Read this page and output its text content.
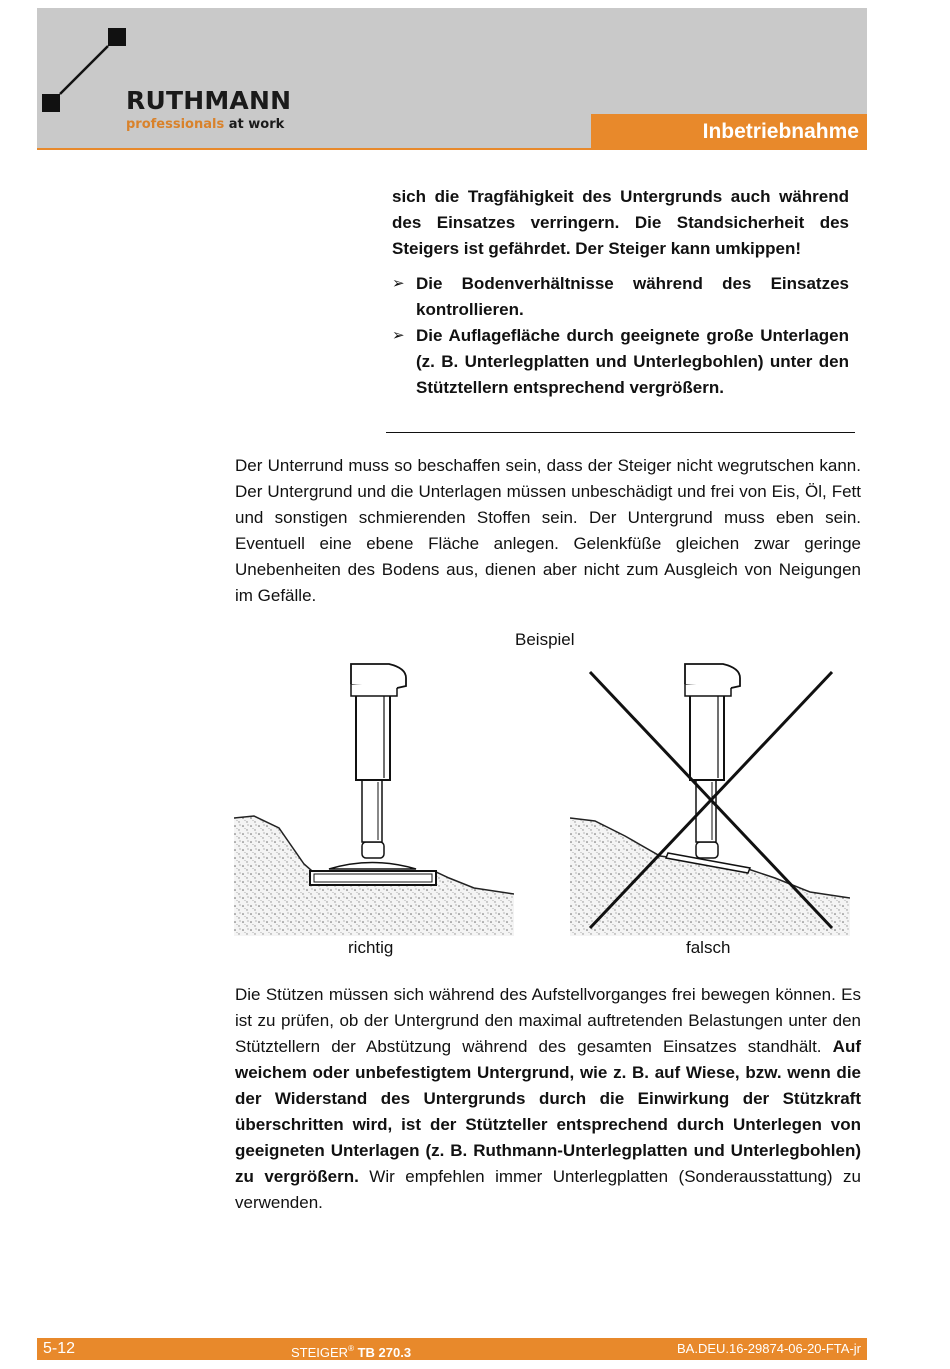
RUTHMANN
professionals at work	Inbetriebnahme

sich die Tragfähigkeit des Untergrunds auch während des Einsatzes verringern. Die Standsicherheit des Steigers ist gefährdet. Der Steiger kann umkippen!

➢ Die Bodenverhältnisse während des Einsatzes kontrollieren.
➢ Die Auflagefläche durch geeignete große Unterlagen (z. B. Unterlegplatten und Unterlegbohlen) unter den Stütztellern entsprechend vergrößern.

Der Unterrund muss so beschaffen sein, dass der Steiger nicht wegrutschen kann. Der Untergrund und die Unterlagen müssen unbeschädigt und frei von Eis, Öl, Fett und sonstigen schmierenden Stoffen sein. Der Untergrund muss eben sein. Eventuell eine ebene Fläche anlegen. Gelenkfüße gleichen zwar geringe Unebenheiten des Bodens aus, dienen aber nicht zum Ausgleich von Neigungen im Gefälle.

Beispiel
richtig	falsch

Die Stützen müssen sich während des Aufstellvorganges frei bewegen können. Es ist zu prüfen, ob der Untergrund den maximal auftretenden Belastungen unter den Stütztellern der Abstützung während des gesamten Einsatzes standhält. Auf weichem oder unbefestigtem Untergrund, wie z. B. auf Wiese, bzw. wenn die der Widerstand des Untergrunds durch die Einwirkung der Stützkraft überschritten wird, ist der Stützteller entsprechend durch Unterlegen von geeigneten Unterlagen (z. B. Ruthmann-Unterlegplatten und Unterlegbohlen) zu vergrößern. Wir empfehlen immer Unterlegplatten (Sonderausstattung) zu verwenden.

5-12	STEIGER® TB 270.3	BA.DEU.16-29874-06-20-FTA-jr
